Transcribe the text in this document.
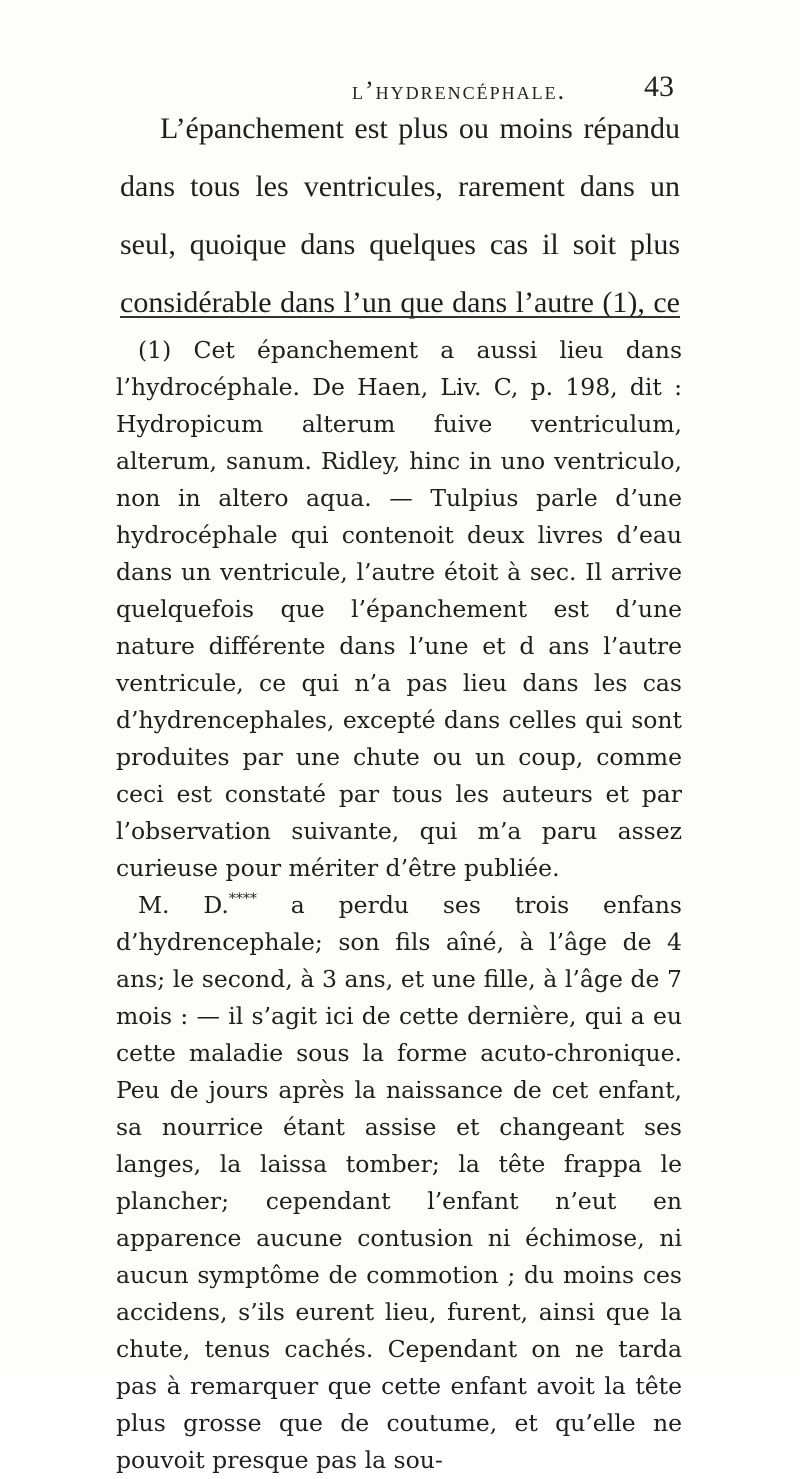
l’hydrencéphale.	43

L’épanchement est plus ou moins répandu dans tous les ventricules, rarement dans un seul, quoique dans quelques cas il soit plus considérable dans l’un que dans l’autre (1), ce

(1) Cet épanchement a aussi lieu dans l’hydrocéphale. De Haen, Liv. C, p. 198, dit : Hydropicum alterum fuive ventriculum, alterum, sanum. Ridley, hinc in uno ventriculo, non in altero aqua. — Tulpius parle d’une hydrocéphale qui contenoit deux livres d’eau dans un ventricule, l’autre étoit à sec. Il arrive quelquefois que l’épanchement est d’une nature différente dans l’une et d ans l’autre ventricule, ce qui n’a pas lieu dans les cas d’hydrencephales, excepté dans celles qui sont produites par une chute ou un coup, comme ceci est constaté par tous les auteurs et par l’observation suivante, qui m’a paru assez curieuse pour mériter d’être publiée.

M. D.**** a perdu ses trois enfans d’hydrencephale; son fils aîné, à l’âge de 4 ans; le second, à 3 ans, et une fille, à l’âge de 7 mois : — il s’agit ici de cette dernière, qui a eu cette maladie sous la forme acuto-chronique. Peu de jours après la naissance de cet enfant, sa nourrice étant assise et changeant ses langes, la laissa tomber; la tête frappa le plancher; cependant l’enfant n’eut en apparence aucune contusion ni échimose, ni aucun symptôme de commotion ; du moins ces accidens, s’ils eurent lieu, furent, ainsi que la chute, tenus cachés. Cependant on ne tarda pas à remarquer que cette enfant avoit la tête plus grosse que de coutume, et qu’elle ne pouvoit presque pas la sou-
